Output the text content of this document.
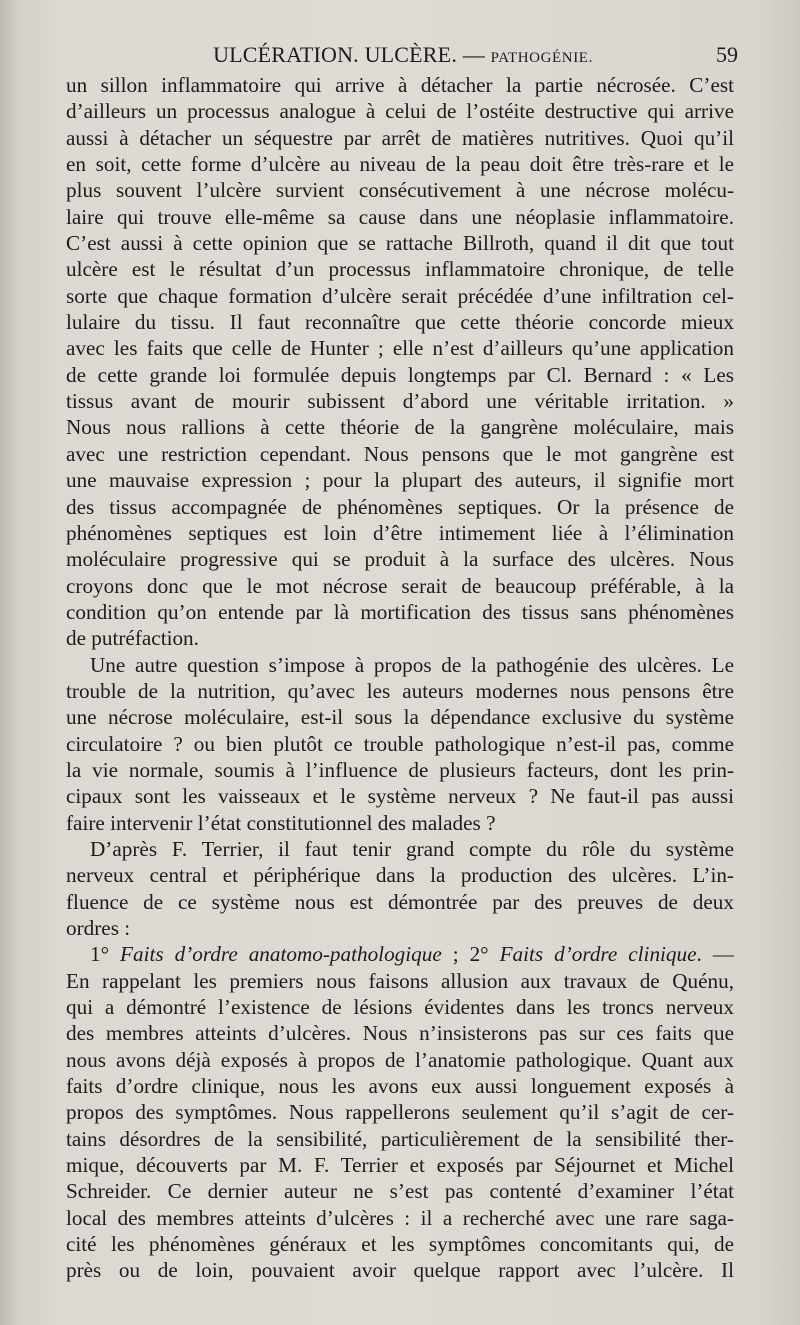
ULCÉRATION. ULCÈRE. — PATHOGÉNIE.	59
un sillon inflammatoire qui arrive à détacher la partie nécrosée. C’est
d’ailleurs un processus analogue à celui de l’ostéite destructive qui arrive
aussi à détacher un séquestre par arrêt de matières nutritives. Quoi qu’il
en soit, cette forme d’ulcère au niveau de la peau doit être très-rare et le
plus souvent l’ulcère survient consécutivement à une nécrose molécu-
laire qui trouve elle-même sa cause dans une néoplasie inflammatoire.
C’est aussi à cette opinion que se rattache Billroth, quand il dit que tout
ulcère est le résultat d’un processus inflammatoire chronique, de telle
sorte que chaque formation d’ulcère serait précédée d’une infiltration cel-
lulaire du tissu. Il faut reconnaître que cette théorie concorde mieux
avec les faits que celle de Hunter ; elle n’est d’ailleurs qu’une application
de cette grande loi formulée depuis longtemps par Cl. Bernard : « Les
tissus avant de mourir subissent d’abord une véritable irritation. »
Nous nous rallions à cette théorie de la gangrène moléculaire, mais
avec une restriction cependant. Nous pensons que le mot gangrène est
une mauvaise expression ; pour la plupart des auteurs, il signifie mort
des tissus accompagnée de phénomènes septiques. Or la présence de
phénomènes septiques est loin d’être intimement liée à l’élimination
moléculaire progressive qui se produit à la surface des ulcères. Nous
croyons donc que le mot nécrose serait de beaucoup préférable, à la
condition qu’on entende par là mortification des tissus sans phénomènes
de putréfaction.
Une autre question s’impose à propos de la pathogénie des ulcères. Le
trouble de la nutrition, qu’avec les auteurs modernes nous pensons être
une nécrose moléculaire, est-il sous la dépendance exclusive du système
circulatoire ? ou bien plutôt ce trouble pathologique n’est-il pas, comme
la vie normale, soumis à l’influence de plusieurs facteurs, dont les prin-
cipaux sont les vaisseaux et le système nerveux ? Ne faut-il pas aussi
faire intervenir l’état constitutionnel des malades ?
D’après F. Terrier, il faut tenir grand compte du rôle du système
nerveux central et périphérique dans la production des ulcères. L’in-
fluence de ce système nous est démontrée par des preuves de deux
ordres :
1° Faits d’ordre anatomo-pathologique ; 2° Faits d’ordre clinique. —
En rappelant les premiers nous faisons allusion aux travaux de Quénu,
qui a démontré l’existence de lésions évidentes dans les troncs nerveux
des membres atteints d’ulcères. Nous n’insisterons pas sur ces faits que
nous avons déjà exposés à propos de l’anatomie pathologique. Quant aux
faits d’ordre clinique, nous les avons eux aussi longuement exposés à
propos des symptômes. Nous rappellerons seulement qu’il s’agit de cer-
tains désordres de la sensibilité, particulièrement de la sensibilité ther-
mique, découverts par M. F. Terrier et exposés par Séjournet et Michel
Schreider. Ce dernier auteur ne s’est pas contenté d’examiner l’état
local des membres atteints d’ulcères : il a recherché avec une rare saga-
cité les phénomènes généraux et les symptômes concomitants qui, de
près ou de loin, pouvaient avoir quelque rapport avec l’ulcère. Il
